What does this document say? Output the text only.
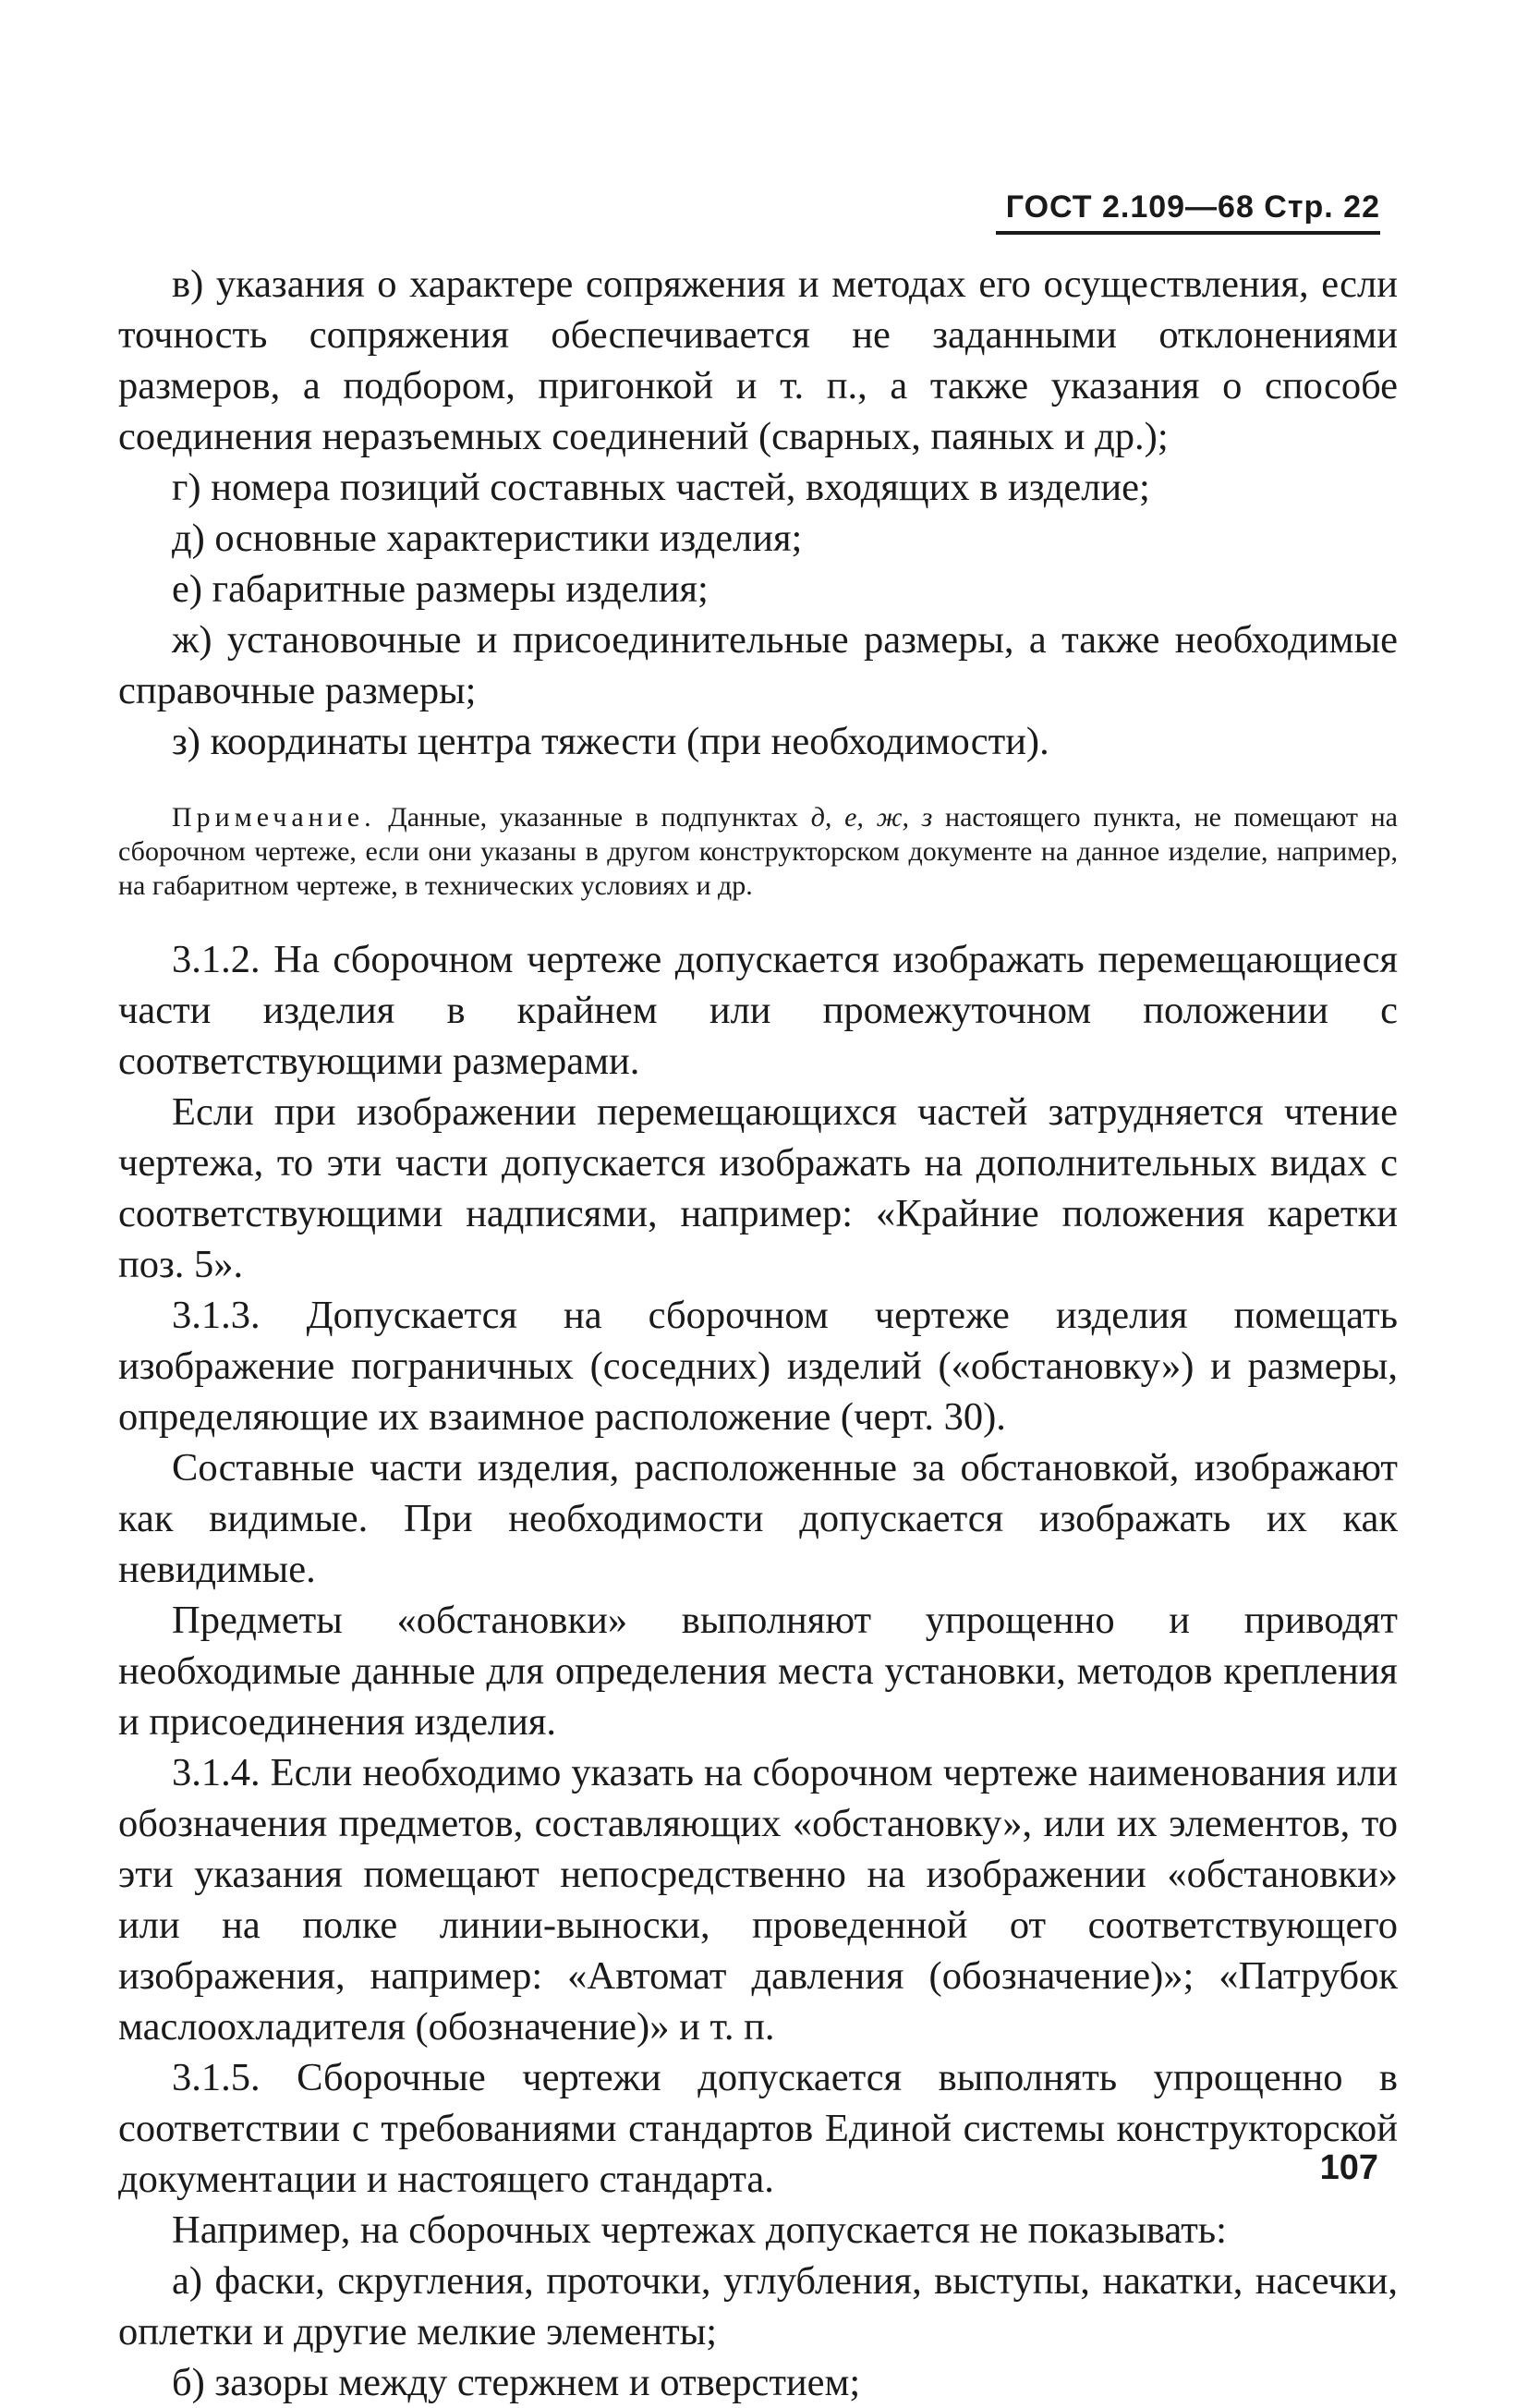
ГОСТ 2.109—68 Стр. 22

в) указания о характере сопряжения и методах его осуществления, если точность сопряжения обеспечивается не заданными отклонениями размеров, а подбором, пригонкой и т. п., а также указания о способе соединения неразъемных соединений (сварных, паяных и др.);

г) номера позиций составных частей, входящих в изделие;

д) основные характеристики изделия;

е) габаритные размеры изделия;

ж) установочные и присоединительные размеры, а также необходимые справочные размеры;

з) координаты центра тяжести (при необходимости).

Примечание. Данные, указанные в подпунктах д, е, ж, з настоящего пункта, не помещают на сборочном чертеже, если они указаны в другом конструкторском документе на данное изделие, например, на габаритном чертеже, в технических условиях и др.

3.1.2. На сборочном чертеже допускается изображать перемещающиеся части изделия в крайнем или промежуточном положении с соответствующими размерами.

Если при изображении перемещающихся частей затрудняется чтение чертежа, то эти части допускается изображать на дополнительных видах с соответствующими надписями, например: «Крайние положения каретки поз. 5».

3.1.3. Допускается на сборочном чертеже изделия помещать изображение пограничных (соседних) изделий («обстановку») и размеры, определяющие их взаимное расположение (черт. 30).

Составные части изделия, расположенные за обстановкой, изображают как видимые. При необходимости допускается изображать их как невидимые.

Предметы «обстановки» выполняют упрощенно и приводят необходимые данные для определения места установки, методов крепления и присоединения изделия.

3.1.4. Если необходимо указать на сборочном чертеже наименования или обозначения предметов, составляющих «обстановку», или их элементов, то эти указания помещают непосредственно на изображении «обстановки» или на полке линии-выноски, проведенной от соответствующего изображения, например: «Автомат давления (обозначение)»; «Патрубок маслоохладителя (обозначение)» и т. п.

3.1.5. Сборочные чертежи допускается выполнять упрощенно в соответствии с требованиями стандартов Единой системы конструкторской документации и настоящего стандарта.

Например, на сборочных чертежах допускается не показывать:

а) фаски, скругления, проточки, углубления, выступы, накатки, насечки, оплетки и другие мелкие элементы;

б) зазоры между стержнем и отверстием;

107
